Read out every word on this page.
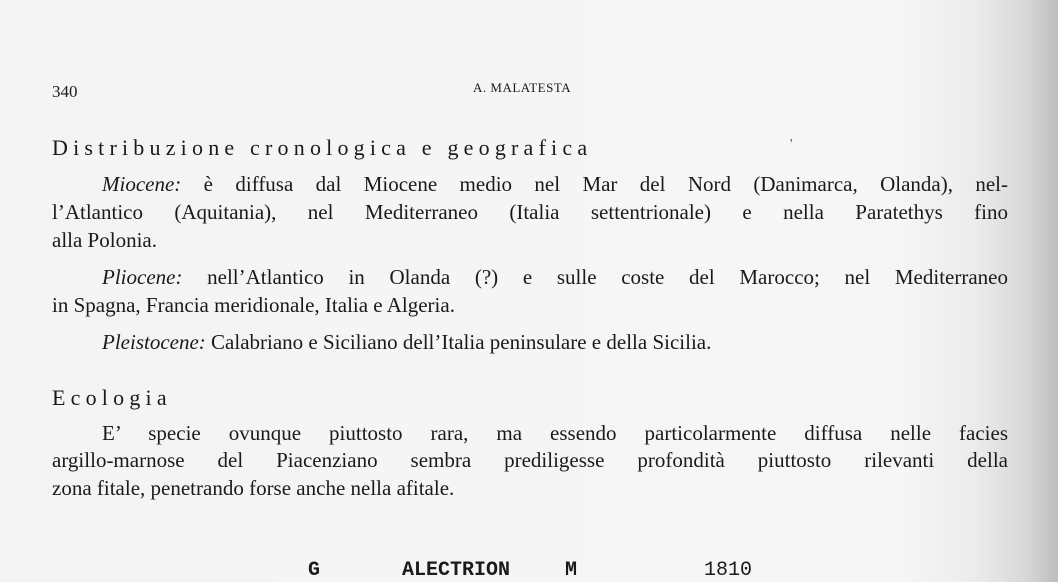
340	A. MALATESTA
'
Distribuzione cronologica e geografica
Miocene: è diffusa dal Miocene medio nel Mar del Nord (Danimarca, Olanda), nel-
l’Atlantico (Aquitania), nel Mediterraneo (Italia settentrionale) e nella Paratethys fino
alla Polonia.
Pliocene: nell’Atlantico in Olanda (?) e sulle coste del Marocco; nel Mediterraneo
in Spagna, Francia meridionale, Italia e Algeria.
Pleistocene: Calabriano e Siciliano dell’Italia peninsulare e della Sicilia.
Ecologia
E’ specie ovunque piuttosto rara, ma essendo particolarmente diffusa nelle facies
argillo-marnose del Piacenziano sembra prediligesse profondità piuttosto rilevanti della
zona fitale, penetrando forse anche nella afitale.
G	ALECTRION	M	1810
